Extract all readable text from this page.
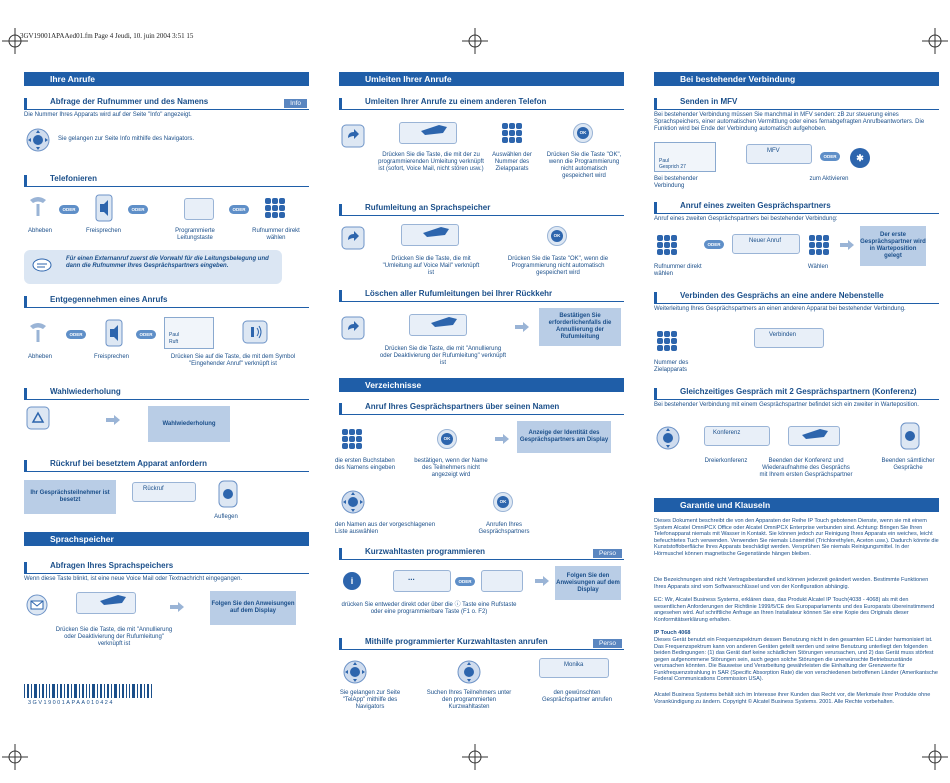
3GV19001APAAed01.fm Page 4 Jeudi, 10. juin 2004 3:51 15
Ihre Anrufe
Abfrage der Rufnummer und des Namens	Info
Die Nummer Ihres Apparats wird auf der Seite "Info" angezeigt.
Sie gelangen zur Seite Info mithilfe des Navigators.
Telefonieren
ODER	ODER	ODER
Abheben	Freisprechen	Programmierte Leitungstaste
Rufnummer direkt wählen
Für einen Externanruf zuerst die Vorwahl für die Leitungsbelegung und dann die Rufnummer Ihres Gesprächspartners eingeben.
Entgegennehmen eines Anrufs
ODER	ODER	Paul
Ruft
Abheben	Freisprechen	Drücken Sie auf die Taste, die mit dem Symbol "Eingehender Anruf" verknüpft ist
Wahlwiederholung
Wahlwiederholung
Rückruf bei besetztem Apparat anfordern
Ihr Gesprächsteilnehmer ist besetzt
Rückruf
Auflegen
Sprachspeicher
Abfragen Ihres Sprachspeichers
Wenn diese Taste blinkt, ist eine neue Voice Mail oder Textnachricht eingegangen.
Folgen Sie den Anweisungen auf dem Display
Drücken Sie die Taste, die mit "Annullierung oder Deaktivierung der Rufumleitung" verknüpft ist
3GV19001APAA010424
Umleiten Ihrer Anrufe
Umleiten Ihrer Anrufe zu einem anderen Telefon
OK
Drücken Sie die Taste, die mit der zu programmierenden Umleitung verknüpft ist (sofort, Voice Mail, nicht stören usw.)
Auswählen der Nummer des Zielapparats
Drücken Sie die Taste "OK", wenn die Programmierung nicht automatisch gespeichert wird
Rufumleitung an Sprachspeicher
OK
Drücken Sie die Taste, die mit "Umleitung auf Voice Mail" verknüpft ist
Drücken Sie die Taste "OK", wenn die Programmierung nicht automatisch gespeichert wird
Löschen aller Rufumleitungen bei Ihrer Rückkehr
Bestätigen Sie erforderlichenfalls die Annullierung der Rufumleitung
Drücken Sie die Taste, die mit "Annullierung oder Deaktivierung der Rufumleitung" verknüpft ist
Verzeichnisse
Anruf Ihres Gesprächspartners über seinen Namen
OK
Anzeige der Identität des Gesprächspartners am Display
die ersten Buchstaben des Namens eingeben
bestätigen, wenn der Name des Teilnehmers nicht angezeigt wird
OK
den Namen aus der vorgeschlagenen Liste auswählen
Anrufen Ihres Gesprächspartners
Kurzwahltasten programmieren	Perso
i	...	ODER
Folgen Sie den Anweisungen auf dem Display
drücken Sie entweder direkt oder über die ⓘ Taste eine Rufstaste oder eine programmierbare Taste (F1 o. F2)
Mithilfe programmierter Kurzwahltasten anrufen	Perso
Monika
Sie gelangen zur Seite "TelApp" mithilfe des Navigators
Suchen Ihres Teilnehmers unter den programmierten Kurzwahltasten
den gewünschten Gesprächspartner anrufen
Bei bestehender Verbindung
Senden in MFV
Bei bestehender Verbindung müssen Sie manchmal in MFV senden: zB zur steuerung eines Sprachspeichers, einer automatischen Vermittlung oder eines fernabgefragten Anrufbeantworters. Die Funktion wird bei Ende der Verbindung automatisch aufgehoben.
Paul
Gesprich 27
MFV
ODER	✱
Bei bestehender Verbindung
zum Aktivieren
Anruf eines zweiten Gesprächspartners
Anruf eines zweiten Gesprächspartners bei bestehender Verbindung:
ODER
Neuer Anruf
Der erste Gesprächspartner wird in Warteposition gelegt
Rufnummer direkt wählen
Wählen
Verbinden des Gesprächs an eine andere Nebenstelle
Weiterleitung Ihres Gesprächspartners an einen anderen Apparat bei bestehender Verbindung.
Verbinden
Nummer des Zielapparats
Gleichzeitiges Gespräch mit 2 Gesprächspartnern (Konferenz)
Bei bestehender Verbindung mit einem Gesprächspartner befindet sich ein zweiter in Warteposition.
Konferenz
Dreierkonferenz	Beenden der Konferenz und Wiederaufnahme des Gesprächs mit Ihrem ersten Gesprächspartner
Beenden sämtlicher Gespräche
Garantie und Klauseln
Dieses Dokument beschreibt die von den Apparaten der Reihe IP Touch gebotenen Dienste, wenn sie mit einem System Alcatel OmniPCX Office oder Alcatel OmniPCX Enterprise verbunden sind. Achtung: Bringen Sie Ihren Telefonapparat niemals mit Wasser in Kontakt. Sie können jedoch zur Reinigung Ihres Apparats ein weiches, leicht befeuchtetes Tuch verwenden. Verwenden Sie niemals Lösemittel (Trichlorethylen, Aceton usw.). Dadurch könnte die Kunststoffoberfläche Ihres Apparats beschädigt werden. Versprühen Sie niemals Reinigungsmittel. In der Hörmuschel können magnetische Gegenstände hängen bleiben.
Die Bezeichnungen sind nicht Vertragsbestandteil und können jederzeit geändert werden. Bestimmte Funktionen Ihres Apparats sind vom Softwareschlüssel und von der Konfiguration abhängig.
EC: Wir, Alcatel Business Systems, erklären dass, das Produkt Alcatel IP Touch(4038 - 4068) als mit den wesentlichen Anforderungen der Richtlinie 1999/5/CE des Europaparlaments und des Europarats übereinstimmend angesehen wird. Auf schriftliche Anfrage an Ihren Installateur können Sie eine Kopie des Originals dieser Konformitätserklärung erhalten.
IP Touch 4068
Dieses Gerät benutzt ein Frequenzspektrum dessen Benutzung nicht in den gesamten EC Länder harmonisiert ist. Das Frequenzspektrum kann von anderen Geräten geteilt werden und seine Benutzung unterliegt den folgenden beiden Bedingungen: (1) das Gerät darf keine schädlichen Störungen verursachen, und 2) das Gerät muss störfest gegen aufgenommene Störungen sein, auch gegen solche Störungen die unerwünschte Betriebszustände verursachen könnten. Die Bauweise und Verarbeitung gewährleisten die Einhaltung der Grenzwerte für Funkfrequenzstrahlung in SAR (Specific Absorption Rate) die von verschiedenen betroffenen Länder (Amerikanische Federal Communications Commission USA).
Alcatel Business Systems behält sich im Interesse ihrer Kunden das Recht vor, die Merkmale ihrer Produkte ohne Vorankündigung zu ändern. Copyright © Alcatel Business Systems. 2001. Alle Rechte vorbehalten.
